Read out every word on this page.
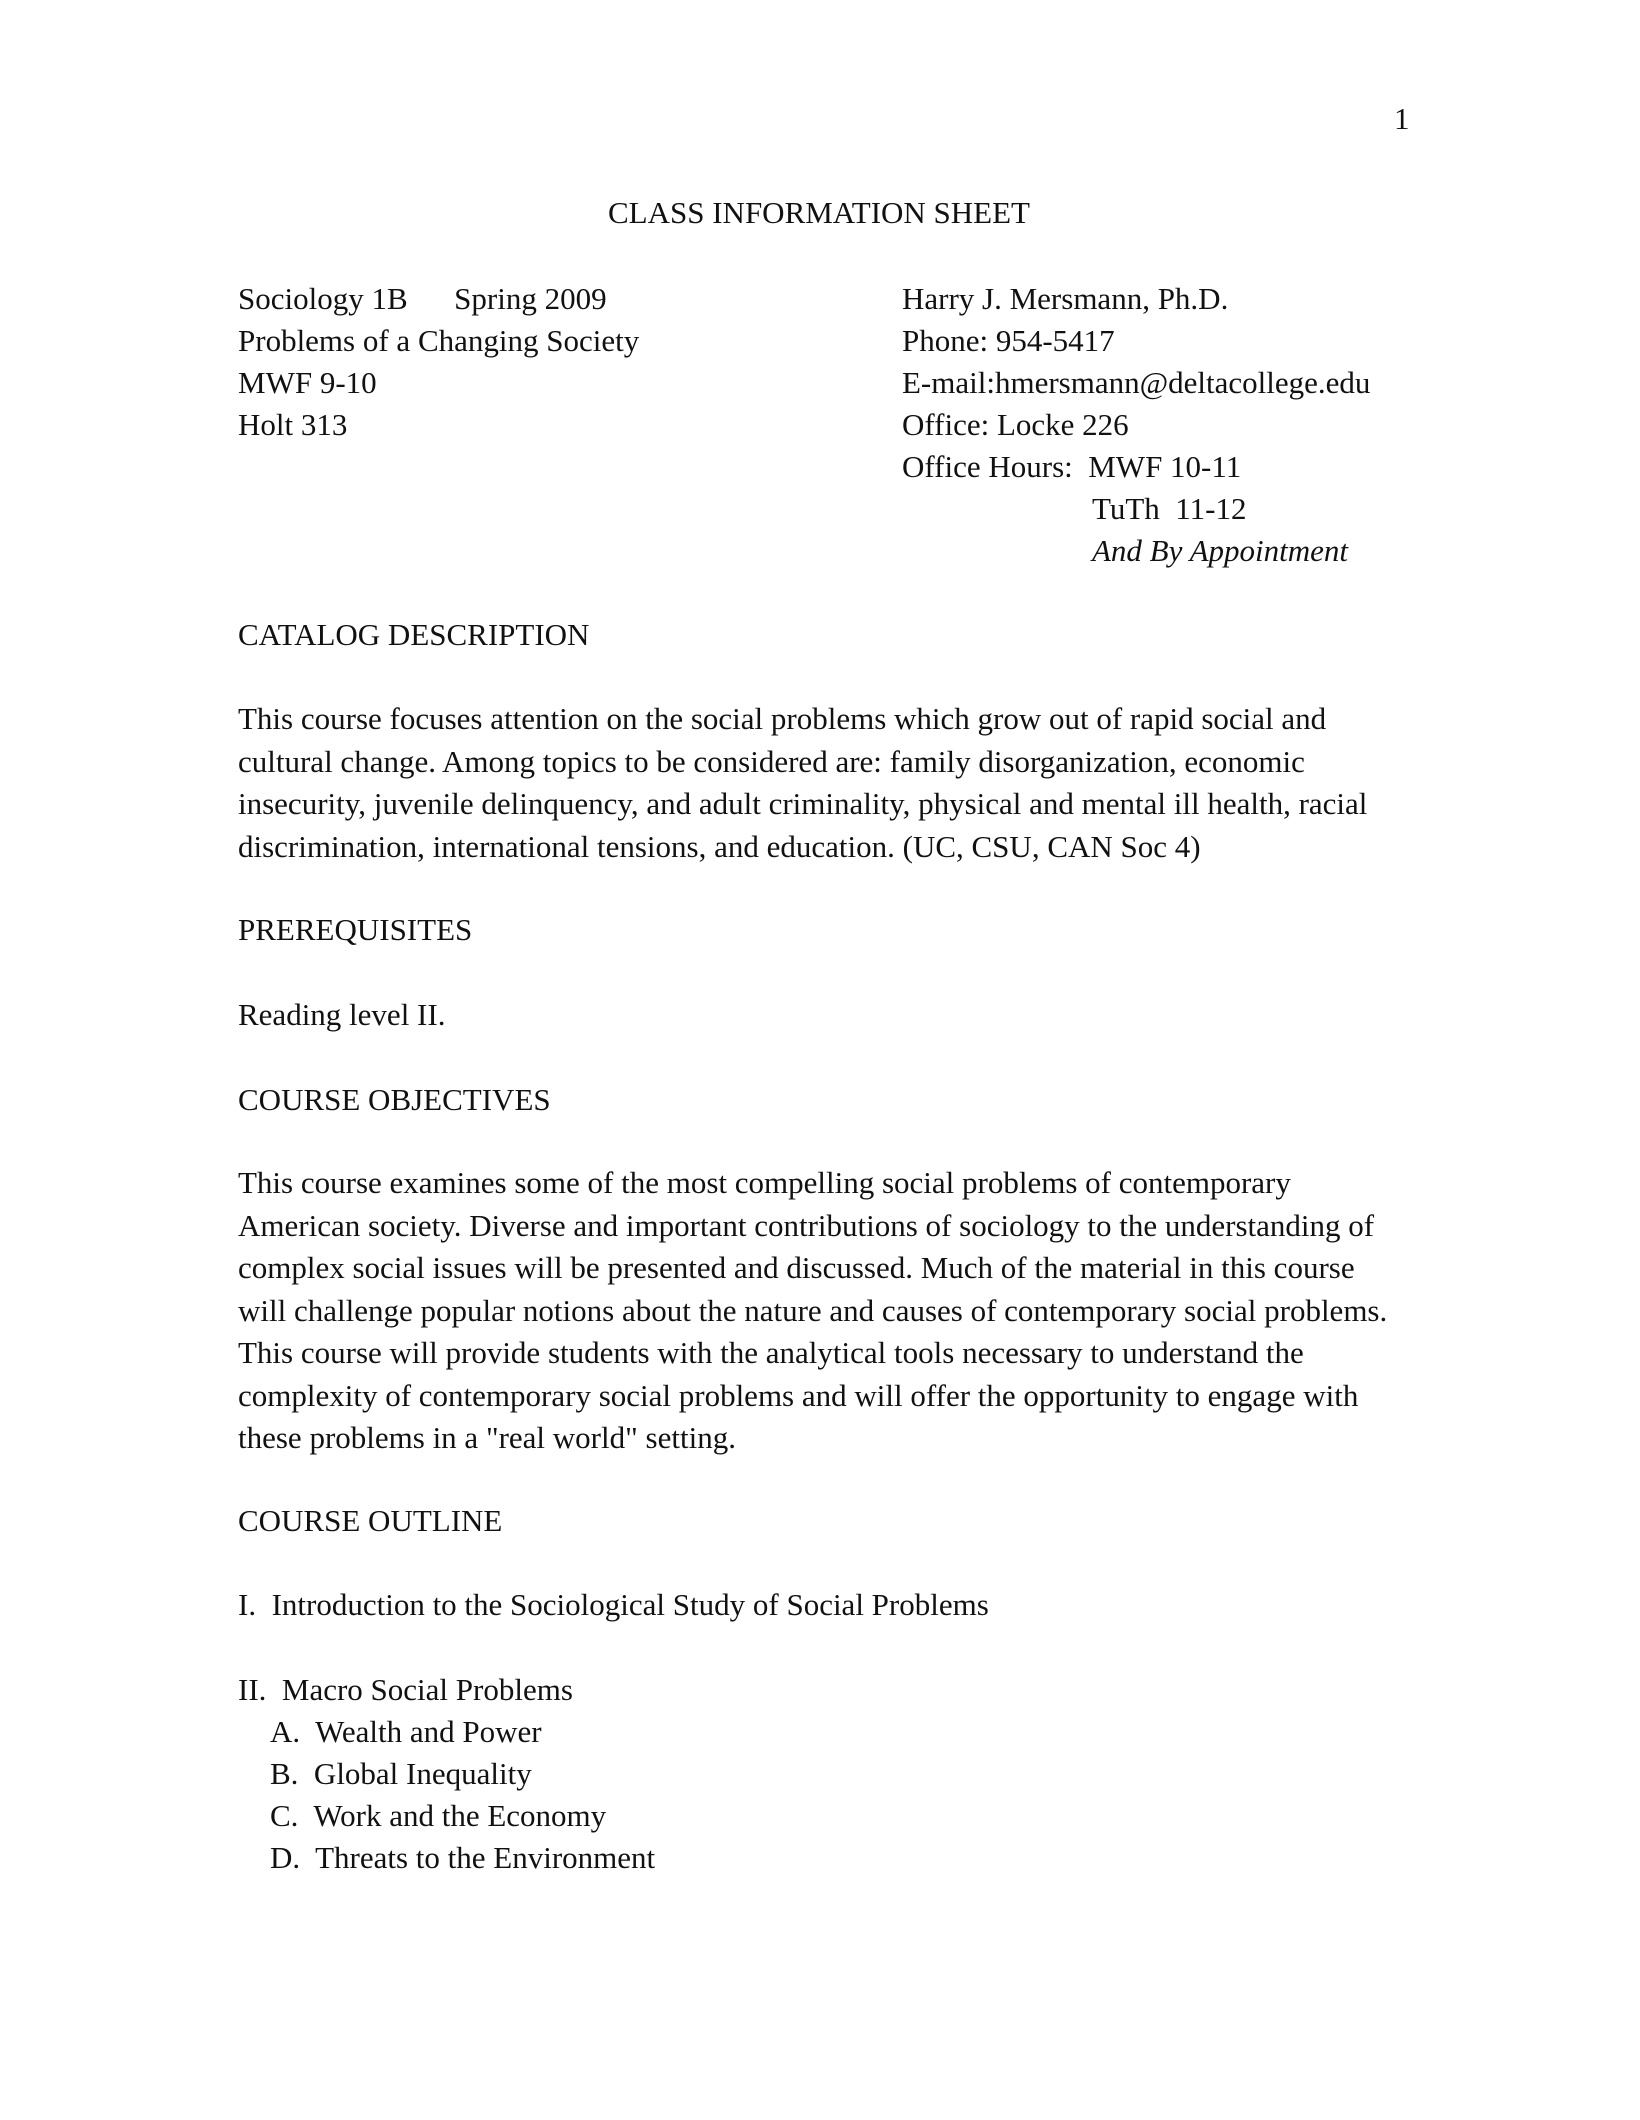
1
CLASS INFORMATION SHEET
Sociology 1B      Spring 2009
Problems of a Changing Society
MWF 9-10
Holt 313
Harry J. Mersmann, Ph.D.
Phone: 954-5417
E-mail:hmersmann@deltacollege.edu
Office: Locke 226
Office Hours:  MWF 10-11
TuTh  11-12
And By Appointment
CATALOG DESCRIPTION
This course focuses attention on the social problems which grow out of rapid social and
cultural change. Among topics to be considered are: family disorganization, economic
insecurity, juvenile delinquency, and adult criminality, physical and mental ill health, racial
discrimination, international tensions, and education. (UC, CSU, CAN Soc 4)
PREREQUISITES
Reading level II.
COURSE OBJECTIVES
This course examines some of the most compelling social problems of contemporary
American society. Diverse and important contributions of sociology to the understanding of
complex social issues will be presented and discussed. Much of the material in this course
will challenge popular notions about the nature and causes of contemporary social problems.
This course will provide students with the analytical tools necessary to understand the
complexity of contemporary social problems and will offer the opportunity to engage with
these problems in a "real world" setting.
COURSE OUTLINE
I.  Introduction to the Sociological Study of Social Problems
II.  Macro Social Problems
A.  Wealth and Power
B.  Global Inequality
C.  Work and the Economy
D.  Threats to the Environment
